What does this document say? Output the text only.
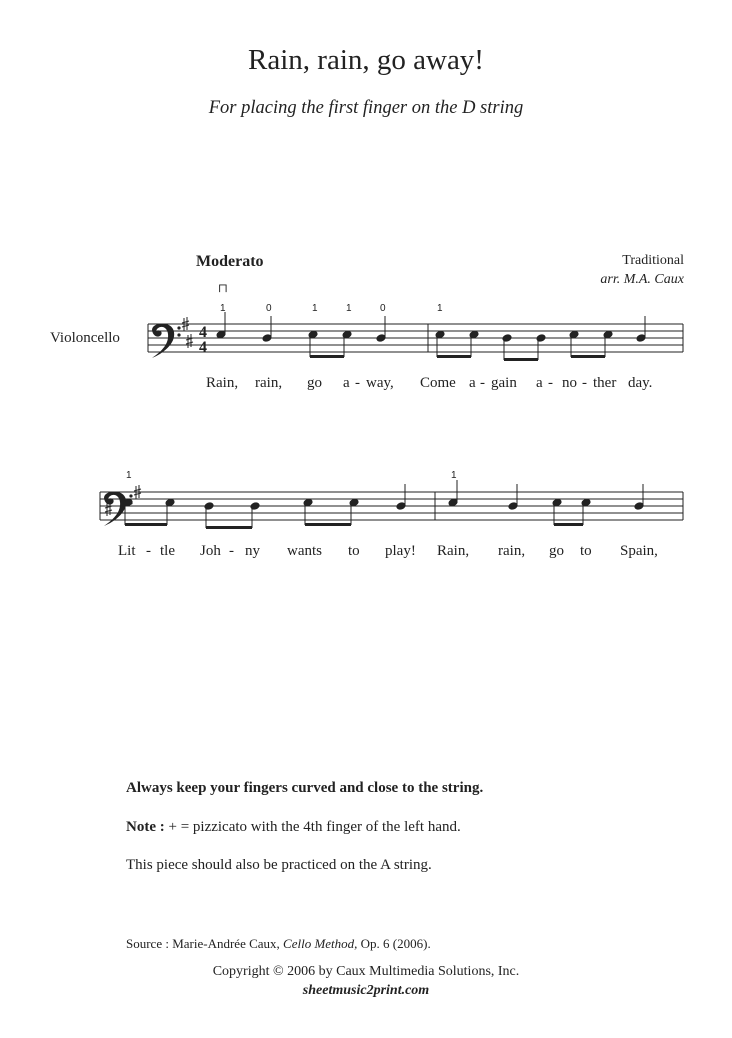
Rain, rain, go away!
For placing the first finger on the D string
Moderato	Traditional
arr. M.A. Caux
Violoncello	4
4
⊓
1	0	1	1	0	1
1	1
Rain, rain, go a - way, Come a - gain a - no - ther day.
Lit - tle Joh - ny wants to play! Rain, rain, go to Spain,
Always keep your fingers curved and close to the string.
Note : + = pizzicato with the 4th finger of the left hand.
This piece should also be practiced on the A string.
Source : Marie-Andrée Caux, Cello Method, Op. 6 (2006).
Copyright © 2006 by Caux Multimedia Solutions, Inc.
sheetmusic2print.com
